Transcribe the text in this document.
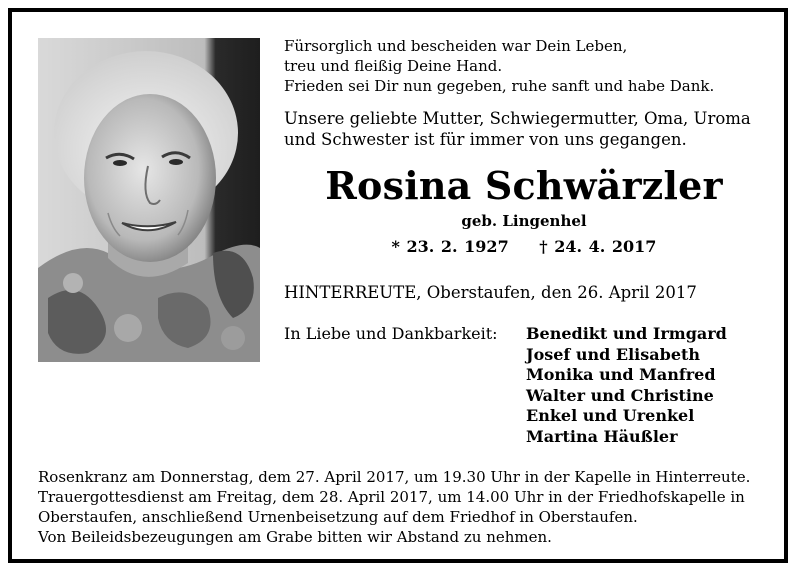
Fürsorglich und bescheiden war Dein Leben,
treu und fleißig Deine Hand.
Frieden sei Dir nun gegeben, ruhe sanft und habe Dank.
Unsere geliebte Mutter, Schwiegermutter, Oma, Uroma
und Schwester ist für immer von uns gegangen.
Rosina Schwärzler
geb. Lingenhel
* 23. 2. 1927 † 24. 4. 2017
HINTERREUTE, Oberstaufen, den 26. April 2017
In Liebe und Dankbarkeit: Benedikt und Irmgard
Josef und Elisabeth
Monika und Manfred
Walter und Christine
Enkel und Urenkel
Martina Häußler
Rosenkranz am Donnerstag, dem 27. April 2017, um 19.30 Uhr in der Kapelle in Hinterreute.
Trauergottesdienst am Freitag, dem 28. April 2017, um 14.00 Uhr in der Friedhofskapelle in
Oberstaufen, anschließend Urnenbeisetzung auf dem Friedhof in Oberstaufen.
Von Beileidsbezeugungen am Grabe bitten wir Abstand zu nehmen.
